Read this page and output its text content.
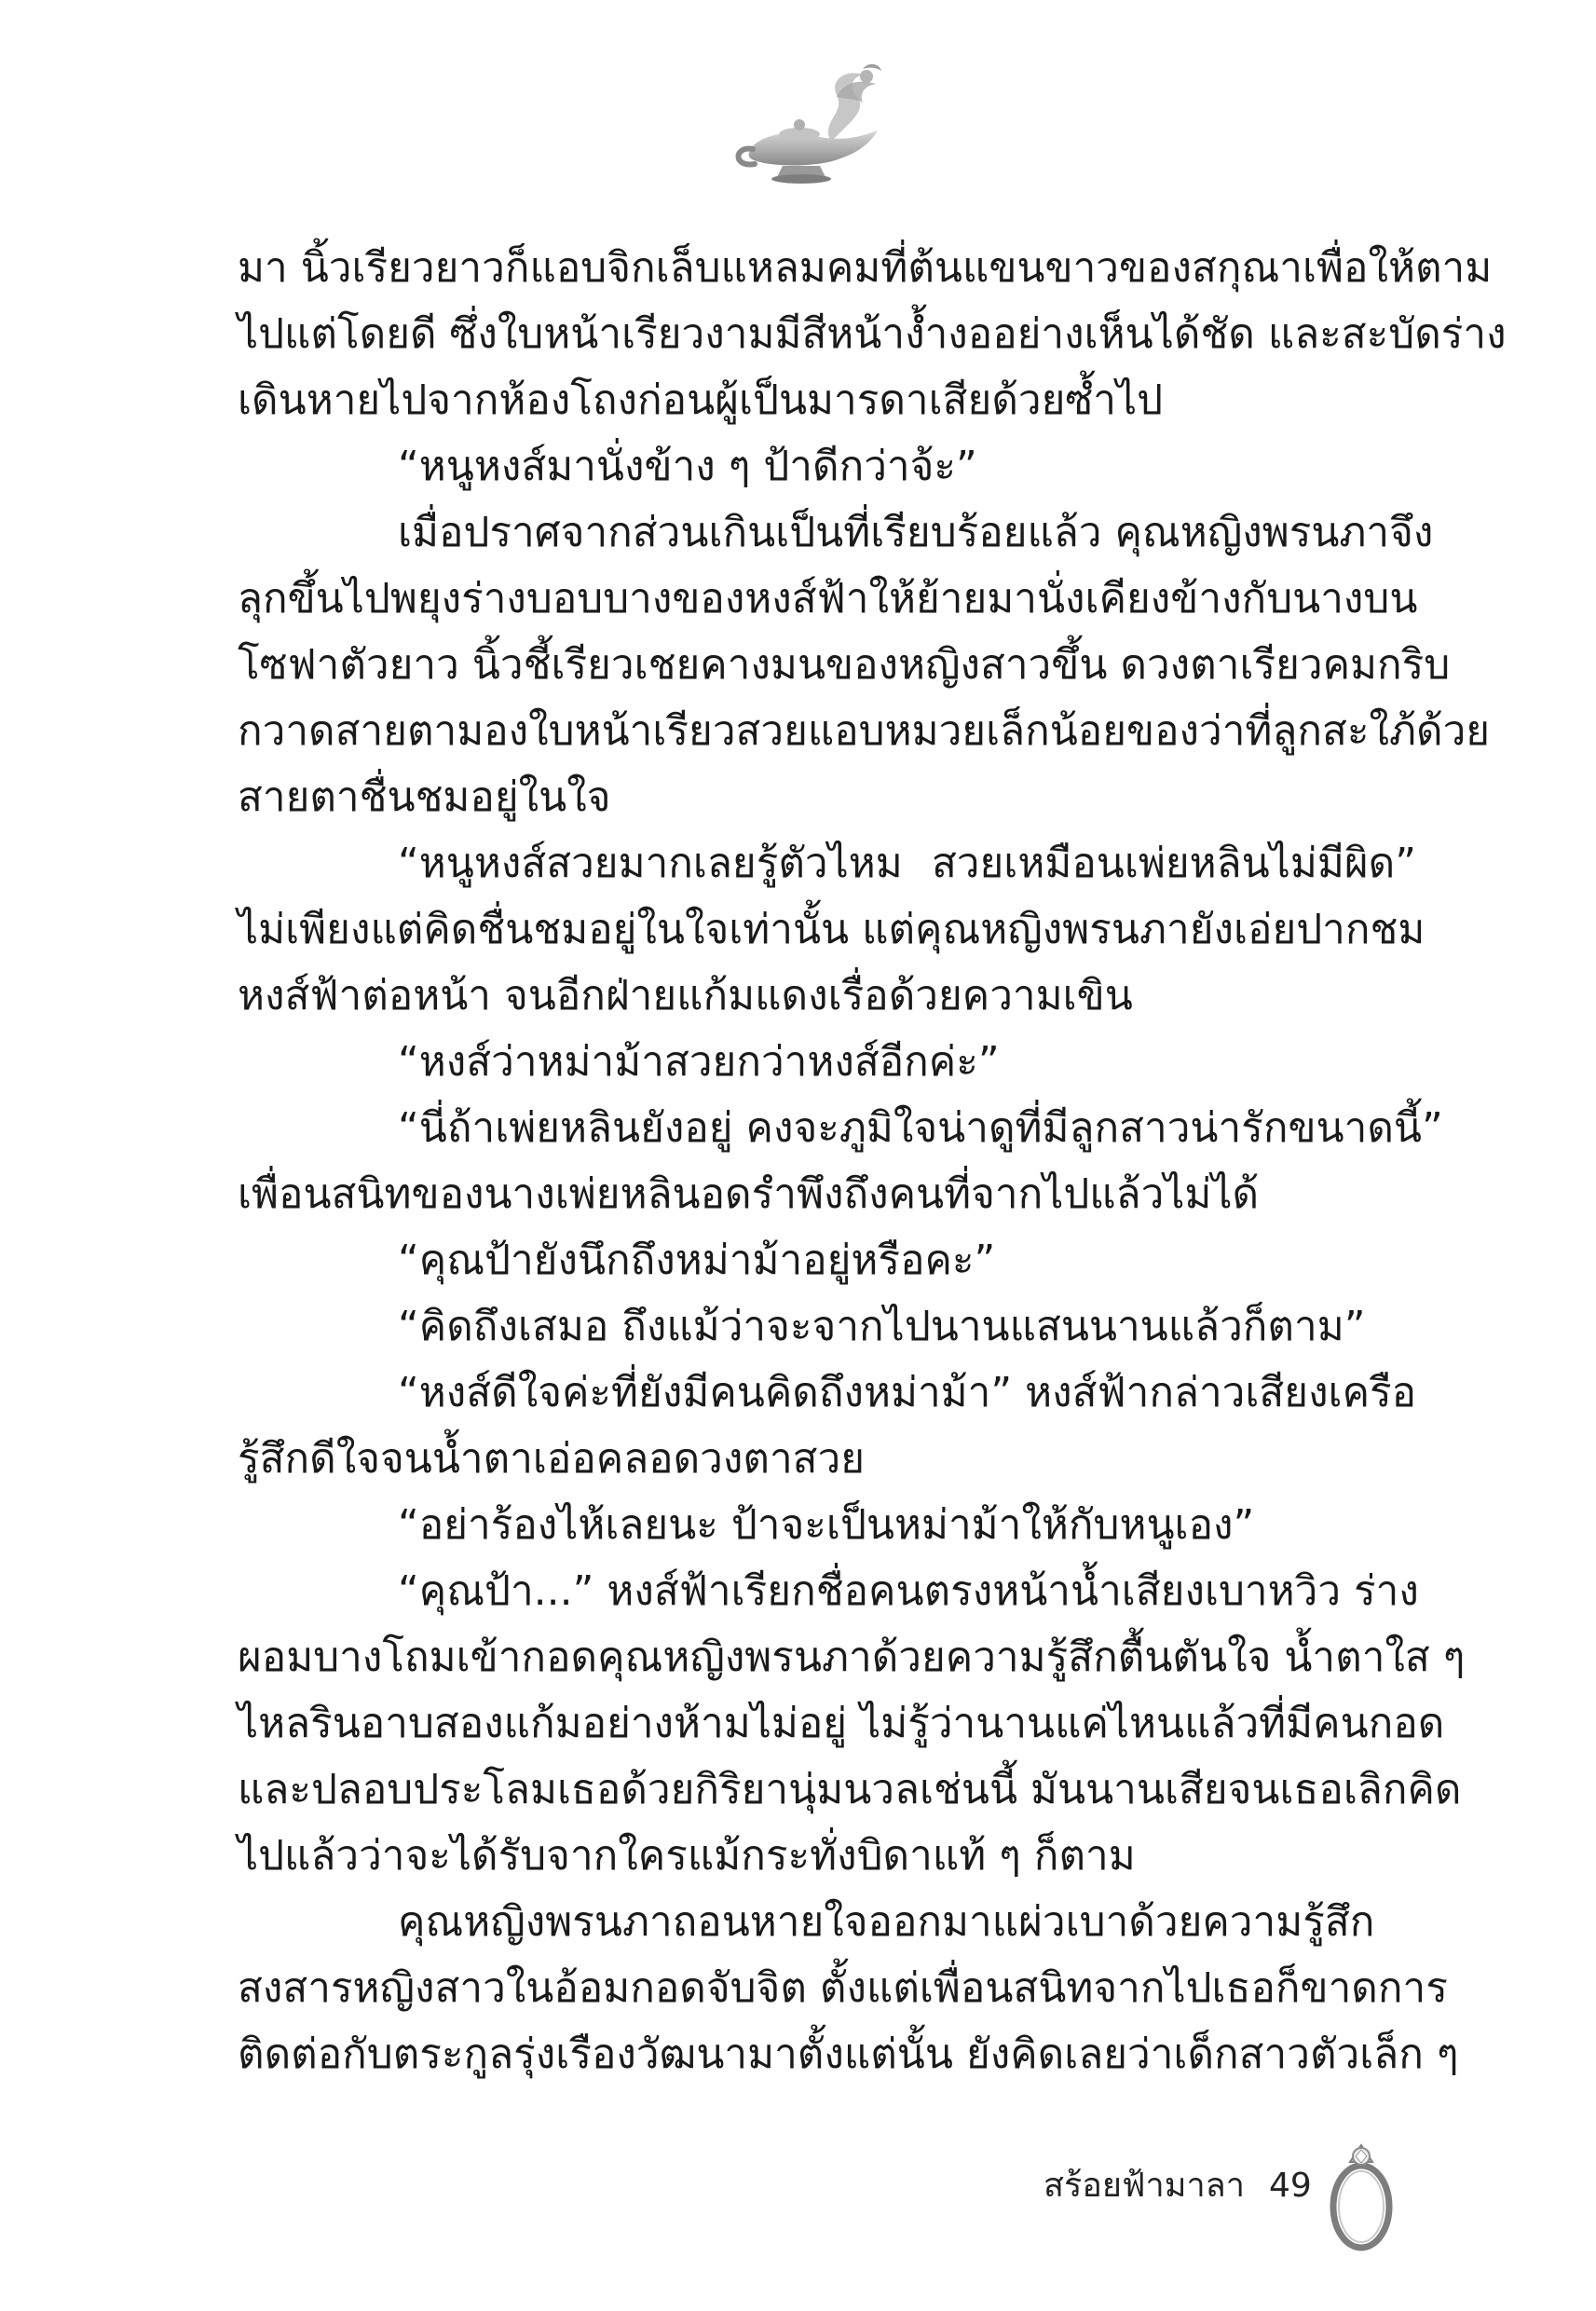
มา นิ้วเรียวยาวก็แอบจิกเล็บแหลมคมที่ต้นแขนขาวของสกุณาเพื่อให้ตาม
ไปแต่โดยดี ซึ่งใบหน้าเรียวงามมีสีหน้าง้ำงออย่างเห็นได้ชัด และสะบัดร่าง
เดินหายไปจากห้องโถงก่อนผู้เป็นมารดาเสียด้วยซ้ำไป
“หนูหงส์มานั่งข้าง ๆ ป้าดีกว่าจ้ะ”
เมื่อปราศจากส่วนเกินเป็นที่เรียบร้อยแล้ว คุณหญิงพรนภาจึง
ลุกขึ้นไปพยุงร่างบอบบางของหงส์ฟ้าให้ย้ายมานั่งเคียงข้างกับนางบน
โซฟาตัวยาว นิ้วชี้เรียวเชยคางมนของหญิงสาวขึ้น ดวงตาเรียวคมกริบ
กวาดสายตามองใบหน้าเรียวสวยแอบหมวยเล็กน้อยของว่าที่ลูกสะใภ้ด้วย
สายตาชื่นชมอยู่ในใจ
“หนูหงส์สวยมากเลยรู้ตัวไหม สวยเหมือนเพ่ยหลินไม่มีผิด”
ไม่เพียงแต่คิดชื่นชมอยู่ในใจเท่านั้น แต่คุณหญิงพรนภายังเอ่ยปากชม
หงส์ฟ้าต่อหน้า จนอีกฝ่ายแก้มแดงเรื่อด้วยความเขิน
“หงส์ว่าหม่าม้าสวยกว่าหงส์อีกค่ะ”
“นี่ถ้าเพ่ยหลินยังอยู่ คงจะภูมิใจน่าดูที่มีลูกสาวน่ารักขนาดนี้”
เพื่อนสนิทของนางเพ่ยหลินอดรำพึงถึงคนที่จากไปแล้วไม่ได้
“คุณป้ายังนึกถึงหม่าม้าอยู่หรือคะ”
“คิดถึงเสมอ ถึงแม้ว่าจะจากไปนานแสนนานแล้วก็ตาม”
“หงส์ดีใจค่ะที่ยังมีคนคิดถึงหม่าม้า” หงส์ฟ้ากล่าวเสียงเครือ
รู้สึกดีใจจนน้ำตาเอ่อคลอดวงตาสวย
“อย่าร้องไห้เลยนะ ป้าจะเป็นหม่าม้าให้กับหนูเอง”
“คุณป้า...” หงส์ฟ้าเรียกชื่อคนตรงหน้าน้ำเสียงเบาหวิว ร่าง
ผอมบางโถมเข้ากอดคุณหญิงพรนภาด้วยความรู้สึกตื้นตันใจ น้ำตาใส ๆ
ไหลรินอาบสองแก้มอย่างห้ามไม่อยู่ ไม่รู้ว่านานแค่ไหนแล้วที่มีคนกอด
และปลอบประโลมเธอด้วยกิริยานุ่มนวลเช่นนี้ มันนานเสียจนเธอเลิกคิด
ไปแล้วว่าจะได้รับจากใครแม้กระทั่งบิดาแท้ ๆ ก็ตาม
คุณหญิงพรนภาถอนหายใจออกมาแผ่วเบาด้วยความรู้สึก
สงสารหญิงสาวในอ้อมกอดจับจิต ตั้งแต่เพื่อนสนิทจากไปเธอก็ขาดการ
ติดต่อกับตระกูลรุ่งเรืองวัฒนามาตั้งแต่นั้น ยังคิดเลยว่าเด็กสาวตัวเล็ก ๆ
สร้อยฟ้ามาลา 49
